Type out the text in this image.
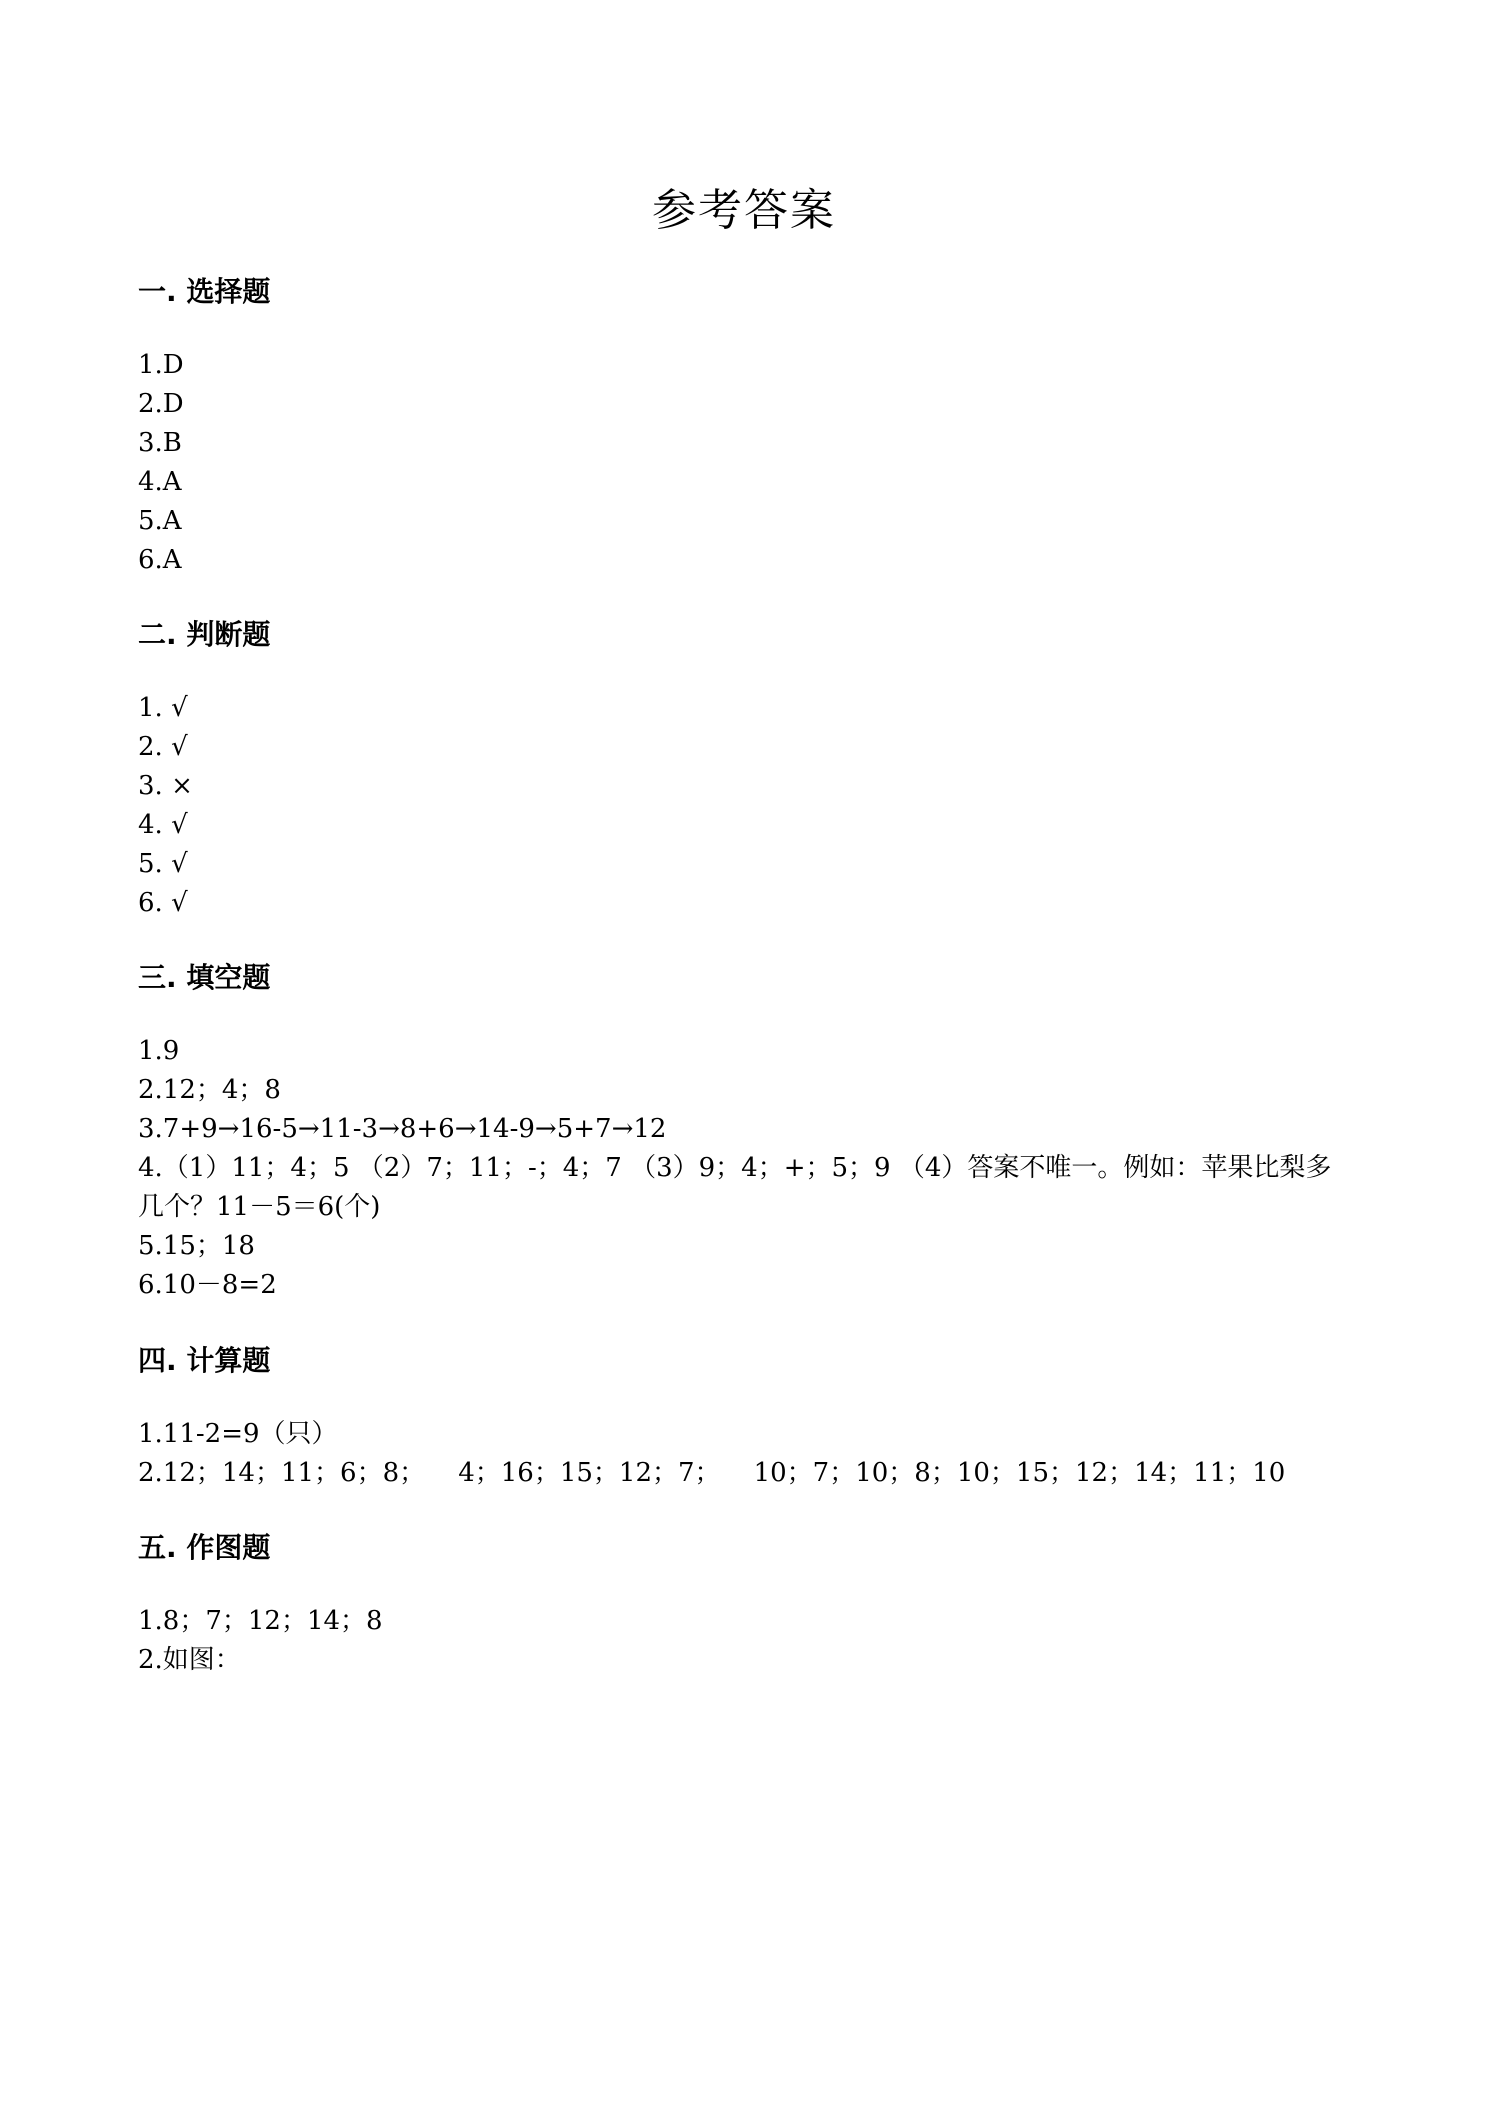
参考答案
一. 选择题
1.D
2.D
3.B
4.A
5.A
6.A
二. 判断题
1. √
2. √
3. ×
4. √
5. √
6. √
三. 填空题
1.9
2.12；4；8
3.7+9→16-5→11-3→8+6→14-9→5+7→12
4.（1）11；4；5 （2）7；11；-；4；7 （3）9；4；+；5；9 （4）答案不唯一。例如：苹果比梨多几个？11－5＝6(个)
5.15；18
6.10－8=2
四. 计算题
1.11-2=9（只）
2.12；14；11；6；8；    4；16；15；12；7；    10；7；10；8；10；15；12；14；11；10
五. 作图题
1.8；7；12；14；8
2.如图：
